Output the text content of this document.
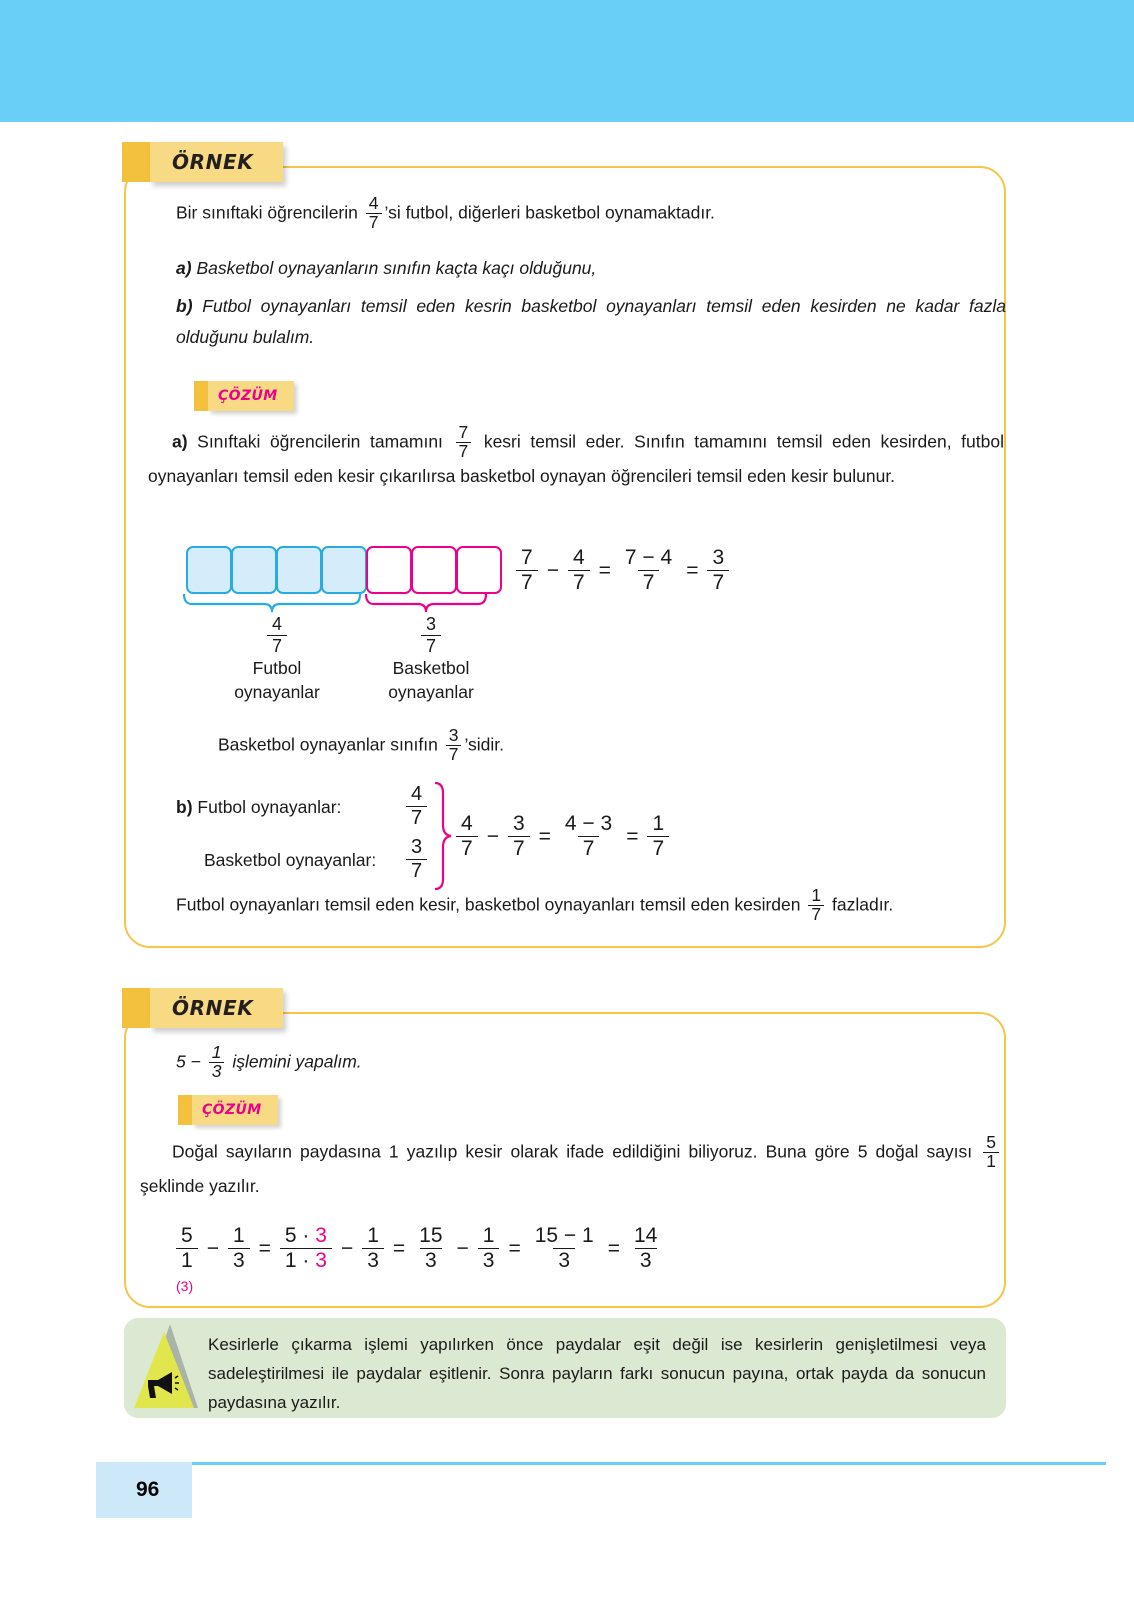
ÖRNEK
Bir sınıftaki öğrencilerin $\frac{4}{7}$ ’si futbol, diğerleri basketbol oynamaktadır.
a) Basketbol oynayanların sınıfın kaçta kaçı olduğunu,
b) Futbol oynayanları temsil eden kesrin basketbol oynayanları temsil eden kesirden ne kadar fazla olduğunu bulalım.
ÇÖZÜM
a) Sınıftaki öğrencilerin tamamını $\frac{7}{7}$ kesri temsil eder. Sınıfın tamamını temsil eden kesirden, futbol oynayanları temsil eden kesir çıkarılırsa basketbol oynayan öğrencileri temsil eden kesir bulunur.
$\frac{4}{7}$
Futbol
oynayanlar
$\frac{3}{7}$
Basketbol
oynayanlar
$\frac{7}{7} - \frac{4}{7} = \frac{7 - 4}{7} = \frac{3}{7}$
Basketbol oynayanlar sınıfın $\frac{3}{7}$ ’sidir.
b) Futbol oynayanlar:	$\frac{4}{7}$
Basketbol oynayanlar:	$\frac{3}{7} \frac{4}{7} - \frac{3}{7} = \frac{4 - 3}{7} = \frac{1}{7}$
Futbol oynayanları temsil eden kesir, basketbol oynayanları temsil eden kesirden $\frac{1}{7}$ fazladır.
ÖRNEK
$5 - \frac{1}{3}$ işlemini yapalım.
ÇÖZÜM
Doğal sayıların paydasına 1 yazılıp kesir olarak ifade edildiğini biliyoruz. Buna göre 5 doğal sayısı $\frac{5}{1}$
şeklinde yazılır.
$\frac{5}{1} - \frac{1}{3} = \frac{5 \cdot 3}{1 \cdot 3} - \frac{1}{3} = \frac{15}{3} - \frac{1}{3} = \frac{15 - 1}{3} = \frac{14}{3}$
(3)
Kesirlerle çıkarma işlemi yapılırken önce paydalar eşit değil ise kesirlerin genişletilmesi veya sadeleştirilmesi ile paydalar eşitlenir. Sonra payların farkı sonucun payına, ortak payda da sonucun paydasına yazılır.
96
